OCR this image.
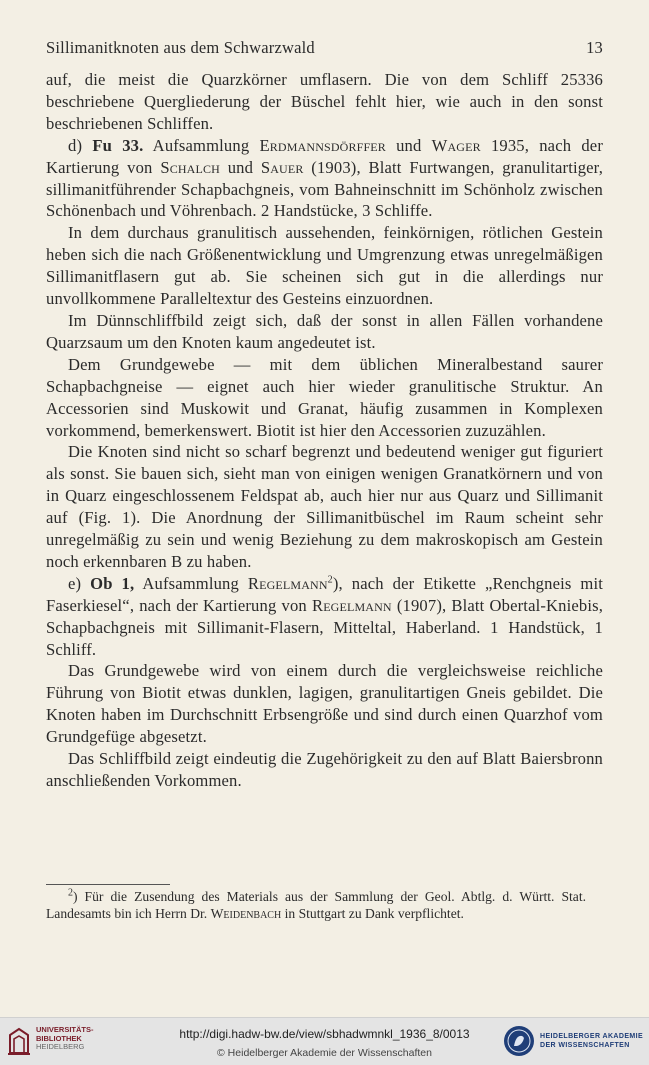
Sillimanitknoten aus dem Schwarzwald	13

auf, die meist die Quarzkörner umflasern. Die von dem Schliff 25336 beschriebene Quergliederung der Büschel fehlt hier, wie auch in den sonst beschriebenen Schliffen.

d) Fu 33. Aufsammlung Erdmannsdörffer und Wager 1935, nach der Kartierung von Schalch und Sauer (1903), Blatt Furtwangen, granulitartiger, sillimanitführender Schapbachgneis, vom Bahneinschnitt im Schönholz zwischen Schönenbach und Vöhrenbach. 2 Handstücke, 3 Schliffe.

In dem durchaus granulitisch aussehenden, feinkörnigen, rötlichen Gestein heben sich die nach Größenentwicklung und Umgrenzung etwas unregelmäßigen Sillimanitflasern gut ab. Sie scheinen sich gut in die allerdings nur unvollkommene Paralleltextur des Gesteins einzuordnen.

Im Dünnschliffbild zeigt sich, daß der sonst in allen Fällen vorhandene Quarzsaum um den Knoten kaum angedeutet ist.

Dem Grundgewebe — mit dem üblichen Mineralbestand saurer Schapbachgneise — eignet auch hier wieder granulitische Struktur. An Accessorien sind Muskowit und Granat, häufig zusammen in Komplexen vorkommend, bemerkenswert. Biotit ist hier den Accessorien zuzuzählen.

Die Knoten sind nicht so scharf begrenzt und bedeutend weniger gut figuriert als sonst. Sie bauen sich, sieht man von einigen wenigen Granatkörnern und von in Quarz eingeschlossenem Feldspat ab, auch hier nur aus Quarz und Sillimanit auf (Fig. 1). Die Anordnung der Sillimanitbüschel im Raum scheint sehr unregelmäßig zu sein und wenig Beziehung zu dem makroskopisch am Gestein noch erkennbaren B zu haben.

e) Ob 1, Aufsammlung Regelmann$^2$), nach der Etikette „Renchgneis mit Faserkiesel“, nach der Kartierung von Regelmann (1907), Blatt Obertal-Kniebis, Schapbachgneis mit Sillimanit-Flasern, Mitteltal, Haberland. 1 Handstück, 1 Schliff.

Das Grundgewebe wird von einem durch die vergleichsweise reichliche Führung von Biotit etwas dunklen, lagigen, granulitartigen Gneis gebildet. Die Knoten haben im Durchschnitt Erbsengröße und sind durch einen Quarzhof vom Grundgefüge abgesetzt.

Das Schliffbild zeigt eindeutig die Zugehörigkeit zu den auf Blatt Baiersbronn anschließenden Vorkommen.

$^2$) Für die Zusendung des Materials aus der Sammlung der Geol. Abtlg. d. Württ. Stat. Landesamts bin ich Herrn Dr. Weidenbach in Stuttgart zu Dank verpflichtet.

UNIVERSITÄTS-
BIBLIOTHEK
HEIDELBERG
http://digi.hadw-bw.de/view/sbhadwmnkl_1936_8/0013
© Heidelberger Akademie der Wissenschaften
HEIDELBERGER AKADEMIE
DER WISSENSCHAFTEN
